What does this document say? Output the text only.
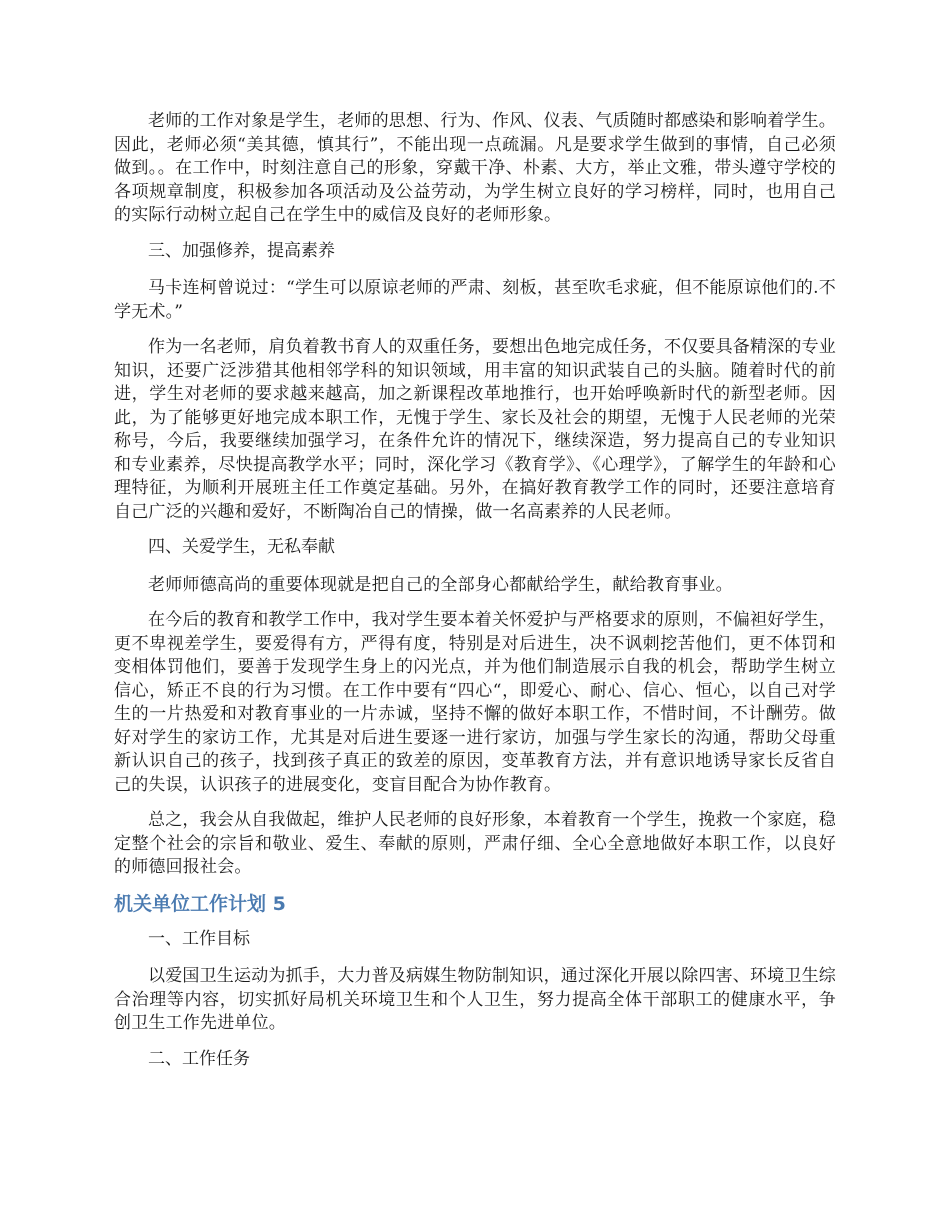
老师的工作对象是学生，老师的思想、行为、作风、仪表、气质随时都感染和影响着学生。因此，老师必须“美其德，慎其行”，不能出现一点疏漏。凡是要求学生做到的事情，自己必须做到。。在工作中，时刻注意自己的形象，穿戴干净、朴素、大方，举止文雅，带头遵守学校的各项规章制度，积极参加各项活动及公益劳动，为学生树立良好的学习榜样，同时，也用自己的实际行动树立起自己在学生中的威信及良好的老师形象。

三、加强修养，提高素养

马卡连柯曾说过：“学生可以原谅老师的严肃、刻板，甚至吹毛求疵，但不能原谅他们的.不学无术。”

作为一名老师，肩负着教书育人的双重任务，要想出色地完成任务，不仅要具备精深的专业知识，还要广泛涉猎其他相邻学科的知识领域，用丰富的知识武装自己的头脑。随着时代的前进，学生对老师的要求越来越高，加之新课程改革地推行，也开始呼唤新时代的新型老师。因此，为了能够更好地完成本职工作，无愧于学生、家长及社会的期望，无愧于人民老师的光荣称号，今后，我要继续加强学习，在条件允许的情况下，继续深造，努力提高自己的专业知识和专业素养，尽快提高教学水平；同时，深化学习《教育学》、《心理学》，了解学生的年龄和心理特征，为顺利开展班主任工作奠定基础。另外，在搞好教育教学工作的同时，还要注意培育自己广泛的兴趣和爱好，不断陶冶自己的情操，做一名高素养的人民老师。

四、关爱学生，无私奉献

老师师德高尚的重要体现就是把自己的全部身心都献给学生，献给教育事业。

在今后的教育和教学工作中，我对学生要本着关怀爱护与严格要求的原则，不偏袒好学生，更不卑视差学生，要爱得有方，严得有度，特别是对后进生，决不讽刺挖苦他们，更不体罚和变相体罚他们，要善于发现学生身上的闪光点，并为他们制造展示自我的机会，帮助学生树立信心，矫正不良的行为习惯。在工作中要有“四心“，即爱心、耐心、信心、恒心，以自己对学生的一片热爱和对教育事业的一片赤诚，坚持不懈的做好本职工作，不惜时间，不计酬劳。做好对学生的家访工作，尤其是对后进生要逐一进行家访，加强与学生家长的沟通，帮助父母重新认识自己的孩子，找到孩子真正的致差的原因，变革教育方法，并有意识地诱导家长反省自己的失误，认识孩子的进展变化，变盲目配合为协作教育。

总之，我会从自我做起，维护人民老师的良好形象，本着教育一个学生，挽救一个家庭，稳定整个社会的宗旨和敬业、爱生、奉献的原则，严肃仔细、全心全意地做好本职工作，以良好的师德回报社会。

机关单位工作计划 5

一、工作目标

以爱国卫生运动为抓手，大力普及病媒生物防制知识，通过深化开展以除四害、环境卫生综合治理等内容，切实抓好局机关环境卫生和个人卫生，努力提高全体干部职工的健康水平，争创卫生工作先进单位。

二、工作任务
